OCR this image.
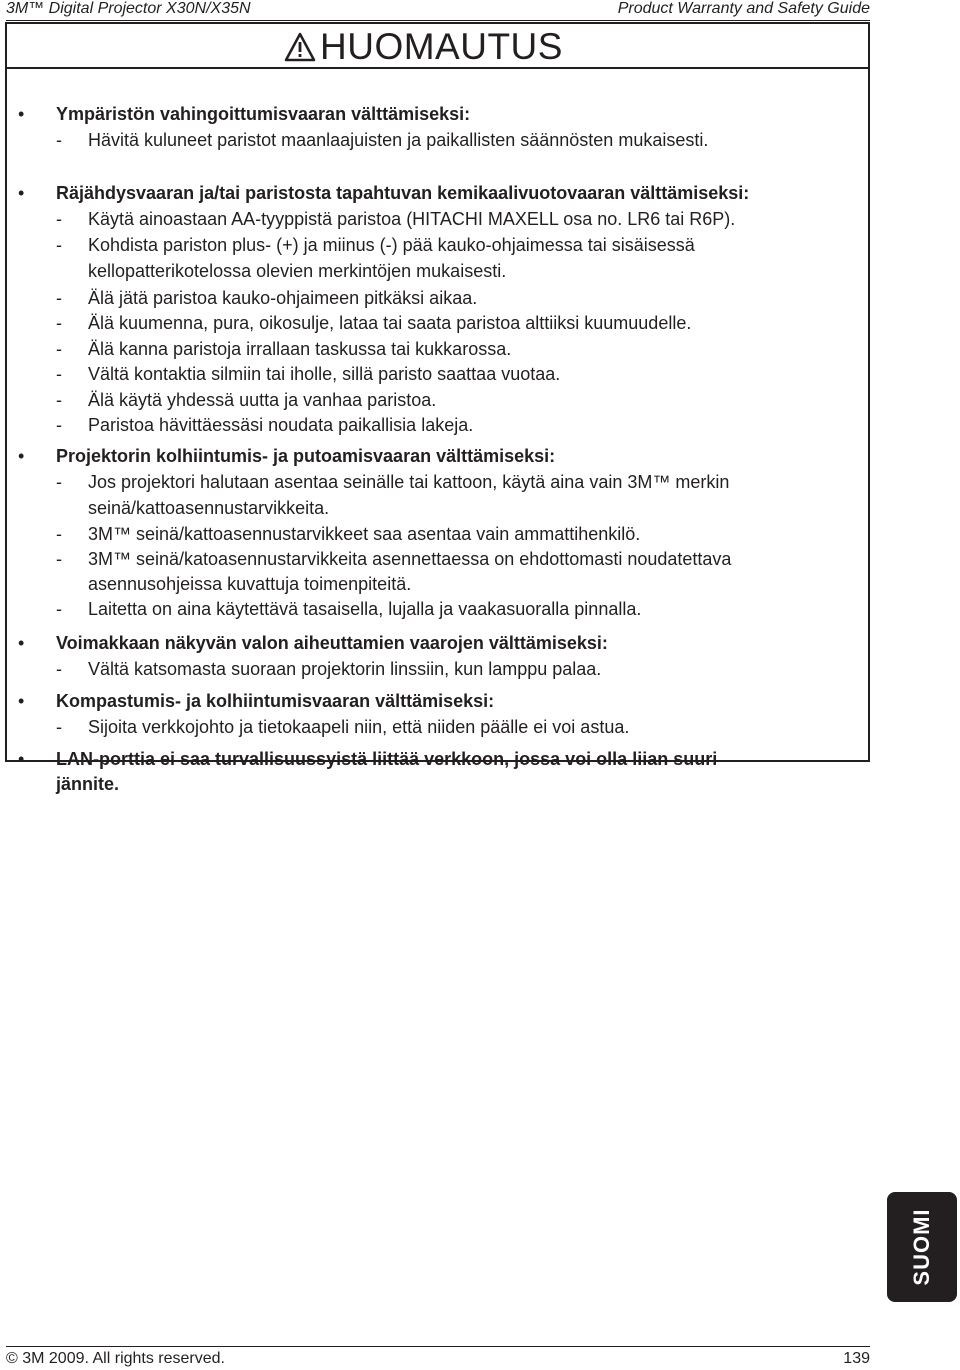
3M™ Digital Projector X30N/X35N	Product Warranty and Safety Guide
HUOMAUTUS
• Ympäristön vahingoittumisvaaran välttämiseksi:
- Hävitä kuluneet paristot maanlaajuisten ja paikallisten säännösten mukaisesti.
• Räjähdysvaaran ja/tai paristosta tapahtuvan kemikaalivuotovaaran välttämiseksi:
- Käytä ainoastaan AA-tyyppistä paristoa (HITACHI MAXELL osa no. LR6 tai R6P).
- Kohdista pariston plus- (+) ja miinus (-) pää kauko-ohjaimessa tai sisäisessä
kellopatterikotelossa olevien merkintöjen mukaisesti.
- Älä jätä paristoa kauko-ohjaimeen pitkäksi aikaa.
- Älä kuumenna, pura, oikosulje, lataa tai saata paristoa alttiiksi kuumuudelle.
- Älä kanna paristoja irrallaan taskussa tai kukkarossa.
- Vältä kontaktia silmiin tai iholle, sillä paristo saattaa vuotaa.
- Älä käytä yhdessä uutta ja vanhaa paristoa.
- Paristoa hävittäessäsi noudata paikallisia lakeja.
• Projektorin kolhiintumis- ja putoamisvaaran välttämiseksi:
- Jos projektori halutaan asentaa seinälle tai kattoon, käytä aina vain 3M™ merkin
seinä/kattoasennustarvikkeita.
- 3M™ seinä/kattoasennustarvikkeet saa asentaa vain ammattihenkilö.
- 3M™ seinä/katoasennustarvikkeita asennettaessa on ehdottomasti noudatettava
asennusohjeissa kuvattuja toimenpiteitä.
- Laitetta on aina käytettävä tasaisella, lujalla ja vaakasuoralla pinnalla.
• Voimakkaan näkyvän valon aiheuttamien vaarojen välttämiseksi:
- Vältä katsomasta suoraan projektorin linssiin, kun lamppu palaa.
• Kompastumis- ja kolhiintumisvaaran välttämiseksi:
- Sijoita verkkojohto ja tietokaapeli niin, että niiden päälle ei voi astua.
• LAN-porttia ei saa turvallisuussyistä liittää verkkoon, jossa voi olla liian suuri
jännite.
SUOMI
© 3M 2009. All rights reserved.	139
